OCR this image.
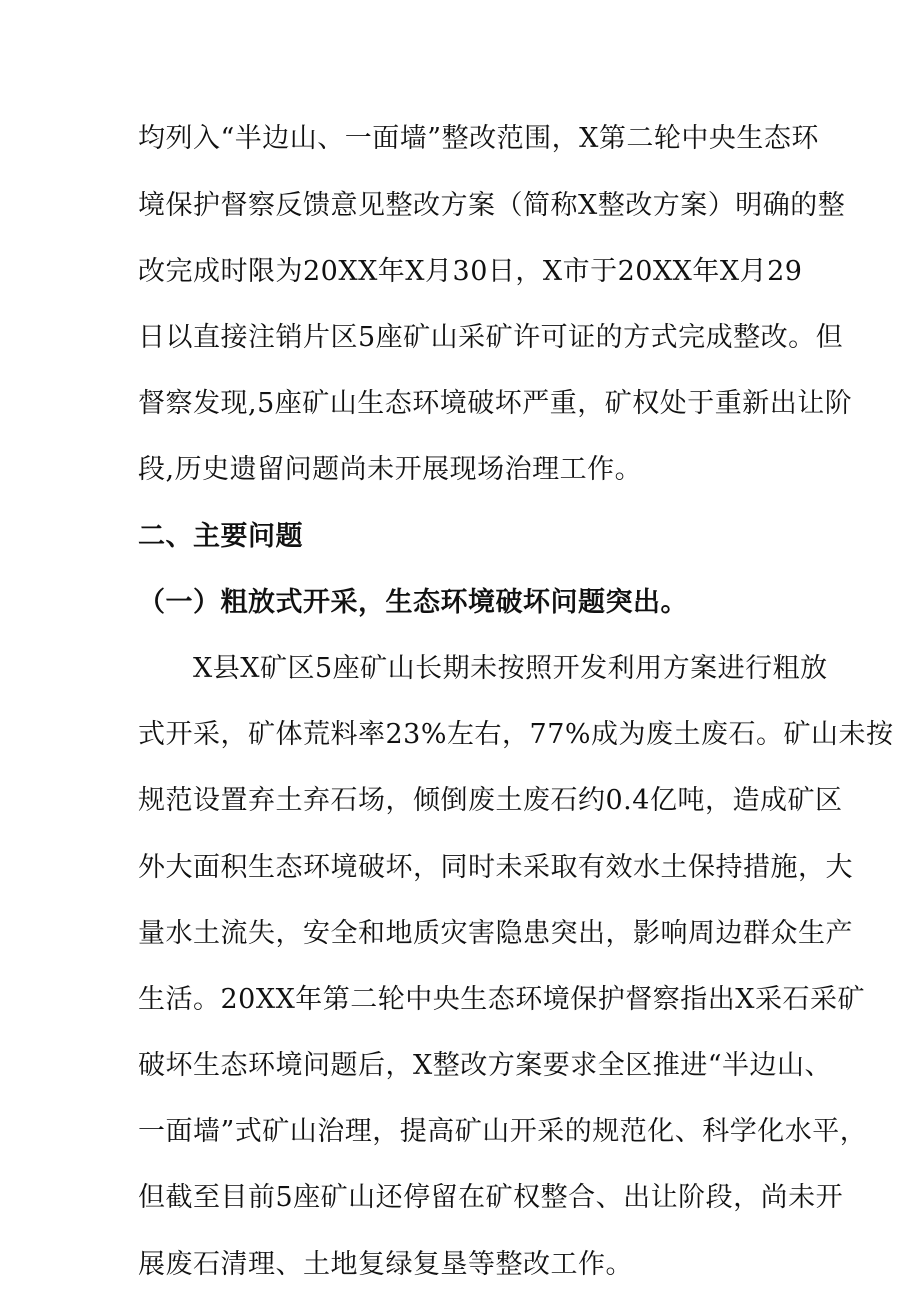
均列入“半边山、一面墙”整改范围，X第二轮中央生态环
境保护督察反馈意见整改方案（简称X整改方案）明确的整
改完成时限为20XX年X月30日，X市于20XX年X月29
日以直接注销片区5座矿山采矿许可证的方式完成整改。但
督察发现,5座矿山生态环境破坏严重，矿权处于重新出让阶
段,历史遗留问题尚未开展现场治理工作。
二、主要问题
（一）粗放式开采，生态环境破坏问题突出。
X县X矿区5座矿山长期未按照开发利用方案进行粗放
式开采，矿体荒料率23%左右，77%成为废土废石。矿山未按
规范设置弃土弃石场，倾倒废土废石约0.4亿吨，造成矿区
外大面积生态环境破坏，同时未采取有效水土保持措施，大
量水土流失，安全和地质灾害隐患突出，影响周边群众生产
生活。20XX年第二轮中央生态环境保护督察指出X采石采矿
破坏生态环境问题后，X整改方案要求全区推进“半边山、
一面墙”式矿山治理，提高矿山开采的规范化、科学化水平，
但截至目前5座矿山还停留在矿权整合、出让阶段，尚未开
展废石清理、土地复绿复垦等整改工作。
